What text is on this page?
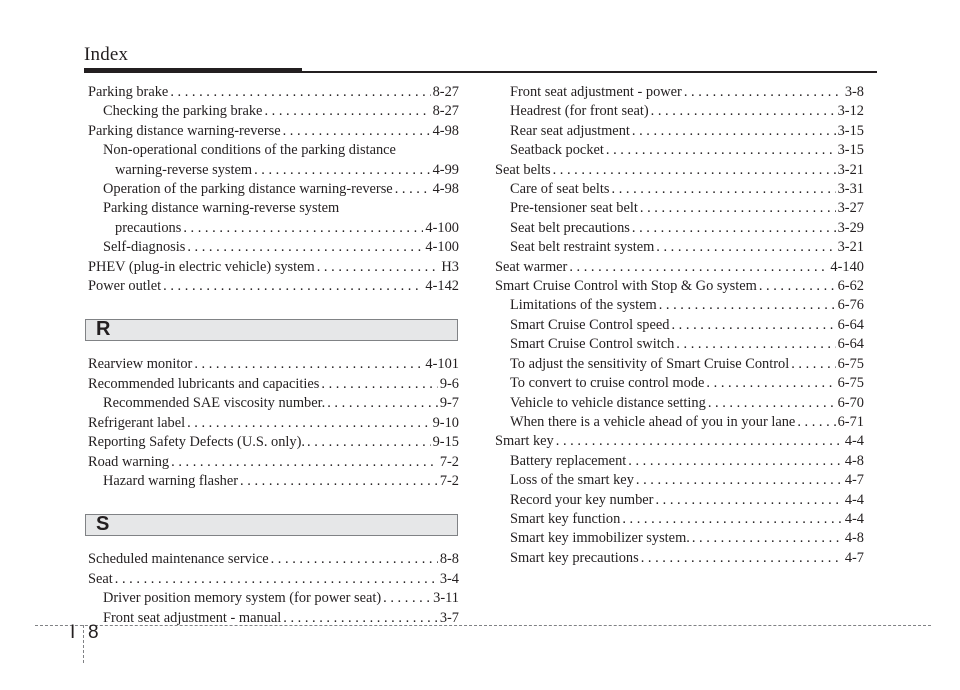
Index
Parking brake . . .	8-27
Checking the parking brake . . .	8-27
Parking distance warning-reverse . . .	4-98
Non-operational conditions of the parking distance
warning-reverse system . . .	4-99
Operation of the parking distance warning-reverse . . .	4-98
Parking distance warning-reverse system
precautions . . .	4-100
Self-diagnosis . . .	4-100
PHEV (plug-in electric vehicle) system . . .	H3
Power outlet . . .	4-142
R
Rearview monitor . . .	4-101
Recommended lubricants and capacities . . .	9-6
Recommended SAE viscosity number. . . .	9-7
Refrigerant label . . .	9-10
Reporting Safety Defects (U.S. only). . . .	9-15
Road warning . . .	7-2
Hazard warning flasher . . .	7-2
S
Scheduled maintenance service . . .	8-8
Seat . . .	3-4
Driver position memory system (for power seat) . . .	3-11
Front seat adjustment - manual . . .	3-7
Front seat adjustment - power . . .	3-8
Headrest (for front seat) . . .	3-12
Rear seat adjustment . . .	3-15
Seatback pocket . . .	3-15
Seat belts . . .	3-21
Care of seat belts . . .	3-31
Pre-tensioner seat belt . . .	3-27
Seat belt precautions . . .	3-29
Seat belt restraint system . . .	3-21
Seat warmer . . .	4-140
Smart Cruise Control with Stop & Go system . . .	6-62
Limitations of the system . . .	6-76
Smart Cruise Control speed . . .	6-64
Smart Cruise Control switch . . .	6-64
To adjust the sensitivity of Smart Cruise Control . . .	6-75
To convert to cruise control mode . . .	6-75
Vehicle to vehicle distance setting . . .	6-70
When there is a vehicle ahead of you in your lane . . .	6-71
Smart key . . .	4-4
Battery replacement . . .	4-8
Loss of the smart key . . .	4-7
Record your key number . . .	4-4
Smart key function . . .	4-4
Smart key immobilizer system. . . .	4-8
Smart key precautions . . .	4-7
I 8
